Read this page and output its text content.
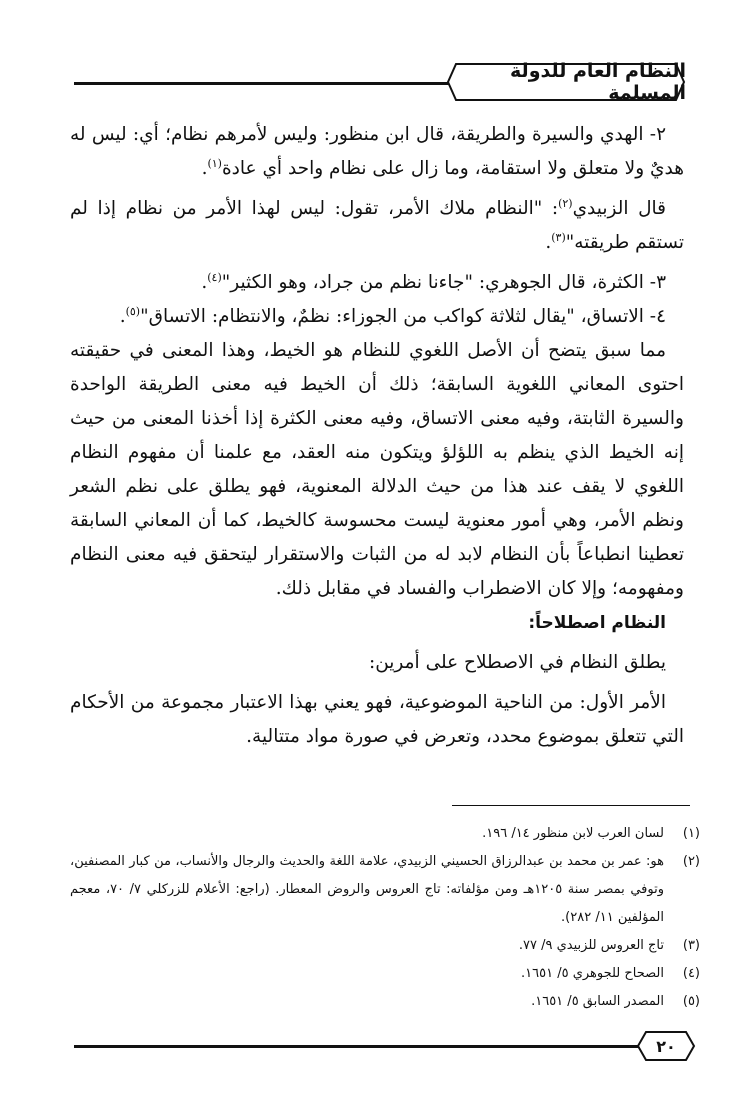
النظام العام للدولة المسلمة

٢- الهدي والسيرة والطريقة، قال ابن منظور: وليس لأمرهم نظام؛ أي: ليس له هديٌ ولا متعلق ولا استقامة، وما زال على نظام واحد أي عادة$^{(١)}$.

قال الزبيدي$^{(٢)}$: "النظام ملاك الأمر، تقول: ليس لهذا الأمر من نظام إذا لم تستقم طريقته"$^{(٣)}$.

٣- الكثرة، قال الجوهري: "جاءنا نظم من جراد، وهو الكثير"$^{(٤)}$.

٤- الاتساق، "يقال لثلاثة كواكب من الجوزاء: نظمٌ، والانتظام: الاتساق"$^{(٥)}$.

مما سبق يتضح أن الأصل اللغوي للنظام هو الخيط، وهذا المعنى في حقيقته احتوى المعاني اللغوية السابقة؛ ذلك أن الخيط فيه معنى الطريقة الواحدة والسيرة الثابتة، وفيه معنى الاتساق، وفيه معنى الكثرة إذا أخذنا المعنى من حيث إنه الخيط الذي ينظم به اللؤلؤ ويتكون منه العقد، مع علمنا أن مفهوم النظام اللغوي لا يقف عند هذا من حيث الدلالة المعنوية، فهو يطلق على نظم الشعر ونظم الأمر، وهي أمور معنوية ليست محسوسة كالخيط، كما أن المعاني السابقة تعطينا انطباعاً بأن النظام لابد له من الثبات والاستقرار ليتحقق فيه معنى النظام ومفهومه؛ وإلا كان الاضطراب والفساد في مقابل ذلك.

النظام اصطلاحاً:

يطلق النظام في الاصطلاح على أمرين:

الأمر الأول: من الناحية الموضوعية، فهو يعني بهذا الاعتبار مجموعة من الأحكام التي تتعلق بموضوع محدد، وتعرض في صورة مواد متتالية.

(١)
لسان العرب لابن منظور ١٤/ ١٩٦.
(٢)
هو: عمر بن محمد بن عبدالرزاق الحسيني الزبيدي، علامة اللغة والحديث والرجال والأنساب، من كبار المصنفين، وتوفي بمصر سنة ١٢٠٥هـ ومن مؤلفاته: تاج العروس والروض المعطار. (راجع: الأعلام للزركلي ٧/ ٧٠، معجم المؤلفين ١١/ ٢٨٢).
(٣)
تاج العروس للزبيدي ٩/ ٧٧.
(٤)
الصحاح للجوهري ٥/ ١٦٥١.
(٥)
المصدر السابق ٥/ ١٦٥١.
٢٠
